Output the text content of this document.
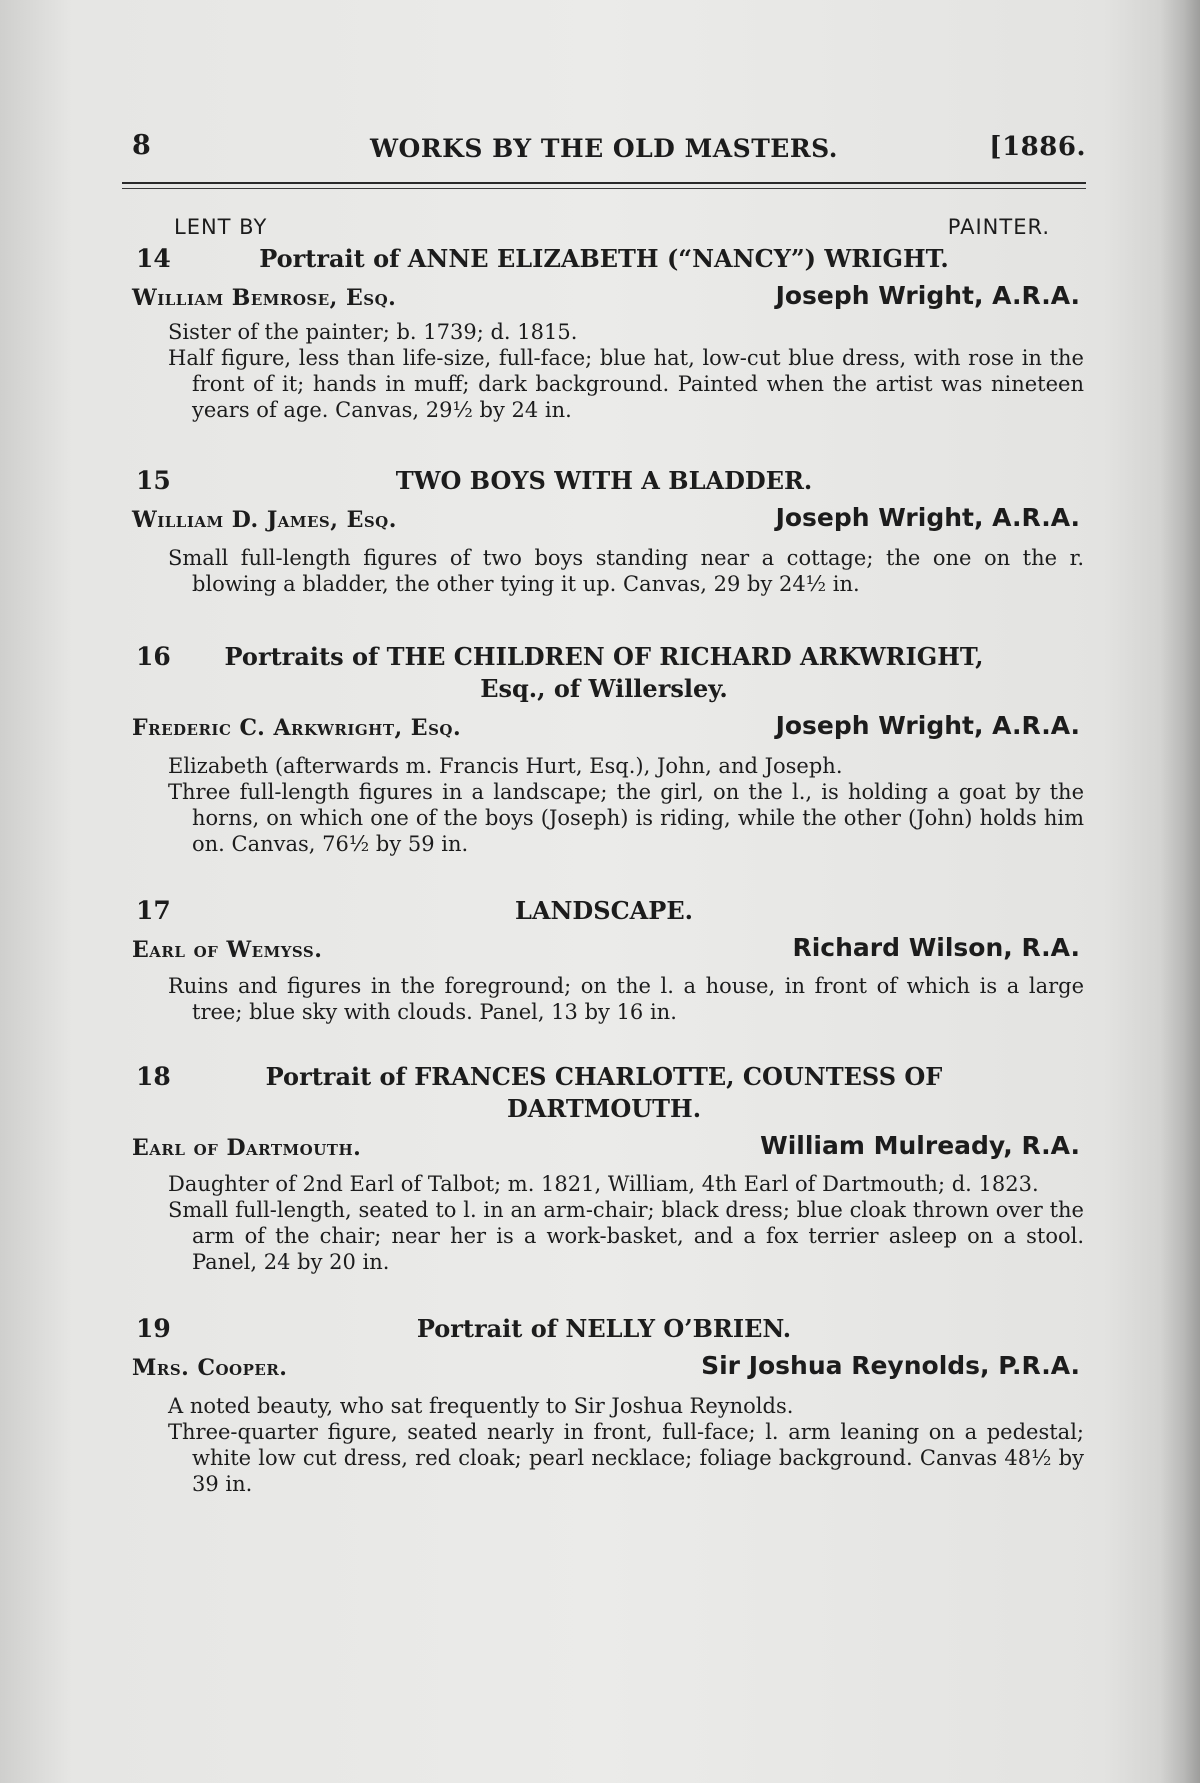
8	WORKS BY THE OLD MASTERS.	[1886.
LENT BY	PAINTER.
14	Portrait of ANNE ELIZABETH (“NANCY”) WRIGHT.
William Bemrose, Esq.	Joseph Wright, A.R.A.

Sister of the painter; b. 1739; d. 1815.

Half figure, less than life-size, full-face; blue hat, low-cut blue dress, with rose in the front of it; hands in muff; dark background. Painted when the artist was nineteen years of age. Canvas, 29½ by 24 in.

15	TWO BOYS WITH A BLADDER.
William D. James, Esq.	Joseph Wright, A.R.A.

Small full-length figures of two boys standing near a cottage; the one on the r. blowing a bladder, the other tying it up. Canvas, 29 by 24½ in.

16	Portraits of THE CHILDREN OF RICHARD ARKWRIGHT, Esq., of Willersley.
Frederic C. Arkwright, Esq.	Joseph Wright, A.R.A.

Elizabeth (afterwards m. Francis Hurt, Esq.), John, and Joseph.

Three full-length figures in a landscape; the girl, on the l., is holding a goat by the horns, on which one of the boys (Joseph) is riding, while the other (John) holds him on. Canvas, 76½ by 59 in.

17	LANDSCAPE.
Earl of Wemyss.	Richard Wilson, R.A.

Ruins and figures in the foreground; on the l. a house, in front of which is a large tree; blue sky with clouds. Panel, 13 by 16 in.

18	Portrait of FRANCES CHARLOTTE, COUNTESS OF DARTMOUTH.
Earl of Dartmouth.	William Mulready, R.A.

Daughter of 2nd Earl of Talbot; m. 1821, William, 4th Earl of Dartmouth; d. 1823.

Small full-length, seated to l. in an arm-chair; black dress; blue cloak thrown over the arm of the chair; near her is a work-basket, and a fox terrier asleep on a stool. Panel, 24 by 20 in.

19	Portrait of NELLY O’BRIEN.
Mrs. Cooper.	Sir Joshua Reynolds, P.R.A.

A noted beauty, who sat frequently to Sir Joshua Reynolds.

Three-quarter figure, seated nearly in front, full-face; l. arm leaning on a pedestal; white low cut dress, red cloak; pearl necklace; foliage background. Canvas 48½ by 39 in.
